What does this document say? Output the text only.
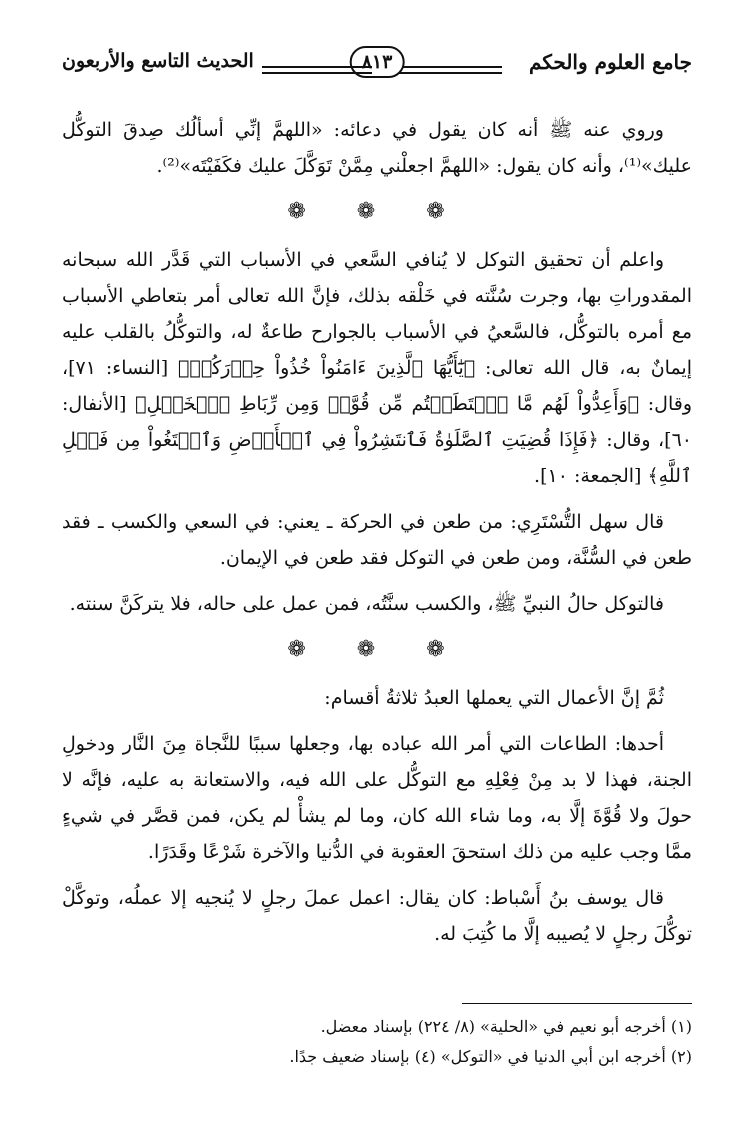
جامع العلوم والحكم
٨١٣
الحديث التاسع والأربعون

وروي عنه ﷺ أنه كان يقول في دعائه: «اللهمَّ إنِّي أسألُك صِدقَ التوكُّل عليك»⁽¹⁾، وأنه كان يقول: «اللهمَّ اجعلْني مِمَّنْ تَوَكَّلَ عليك فكَفَيْتَه»⁽²⁾.

❁ ❁ ❁

واعلم أن تحقيق التوكل لا يُنافي السَّعي في الأسباب التي قَدَّر الله سبحانه المقدوراتِ بها، وجرت سُنَّته في خَلْقه بذلك، فإنَّ الله تعالى أمر بتعاطي الأسباب مع أمره بالتوكُّل، فالسَّعيُ في الأسباب بالجوارح طاعةٌ له، والتوكُّلُ بالقلب عليه إيمانٌ به، قال الله تعالى: ﴿يَٰٓأَيُّهَا ٱلَّذِينَ ءَامَنُواْ خُذُواْ حِذۡرَكُمۡ﴾ [النساء: ٧١]، وقال: ﴿وَأَعِدُّواْ لَهُم مَّا ٱسۡتَطَعۡتُم مِّن قُوَّةٖ وَمِن رِّبَاطِ ٱلۡخَيۡلِ﴾ [الأنفال: ٦٠]، وقال: ﴿فَإِذَا قُضِيَتِ ٱلصَّلَوٰةُ فَٱنتَشِرُواْ فِي ٱلۡأَرۡضِ وَٱبۡتَغُواْ مِن فَضۡلِ ٱللَّهِ﴾ [الجمعة: ١٠].

قال سهل التُّسْتَرِي: من طعن في الحركة ـ يعني: في السعي والكسب ـ فقد طعن في السُّنَّة، ومن طعن في التوكل فقد طعن في الإيمان.

فالتوكل حالُ النبيِّ ﷺ، والكسب سنَّتُه، فمن عمل على حاله، فلا يتركَنَّ سنته.

❁ ❁ ❁

ثُمَّ إنَّ الأعمال التي يعملها العبدُ ثلاثةُ أقسام:

أحدها: الطاعات التي أمر الله عباده بها، وجعلها سببًا للنَّجاة مِنَ النَّار ودخولِ الجنة، فهذا لا بد مِنْ فِعْلِهِ مع التوكُّل على الله فيه، والاستعانة به عليه، فإنَّه لا حولَ ولا قُوَّةَ إلَّا به، وما شاء الله كان، وما لم يشأْ لم يكن، فمن قصَّر في شيءٍ ممَّا وجب عليه من ذلك استحقَ العقوبة في الدُّنيا والآخرة شَرْعًا وقَدَرًا.

قال يوسف بنُ أَسْباط: كان يقال: اعمل عملَ رجلٍ لا يُنجيه إلا عملُه، وتوكَّلْ توكُّلَ رجلٍ لا يُصيبه إلَّا ما كُتِبَ له.

(١) أخرجه أبو نعيم في «الحلية» (٨/ ٢٢٤) بإسناد معضل.
(٢) أخرجه ابن أبي الدنيا في «التوكل» (٤) بإسناد ضعيف جدًا.
